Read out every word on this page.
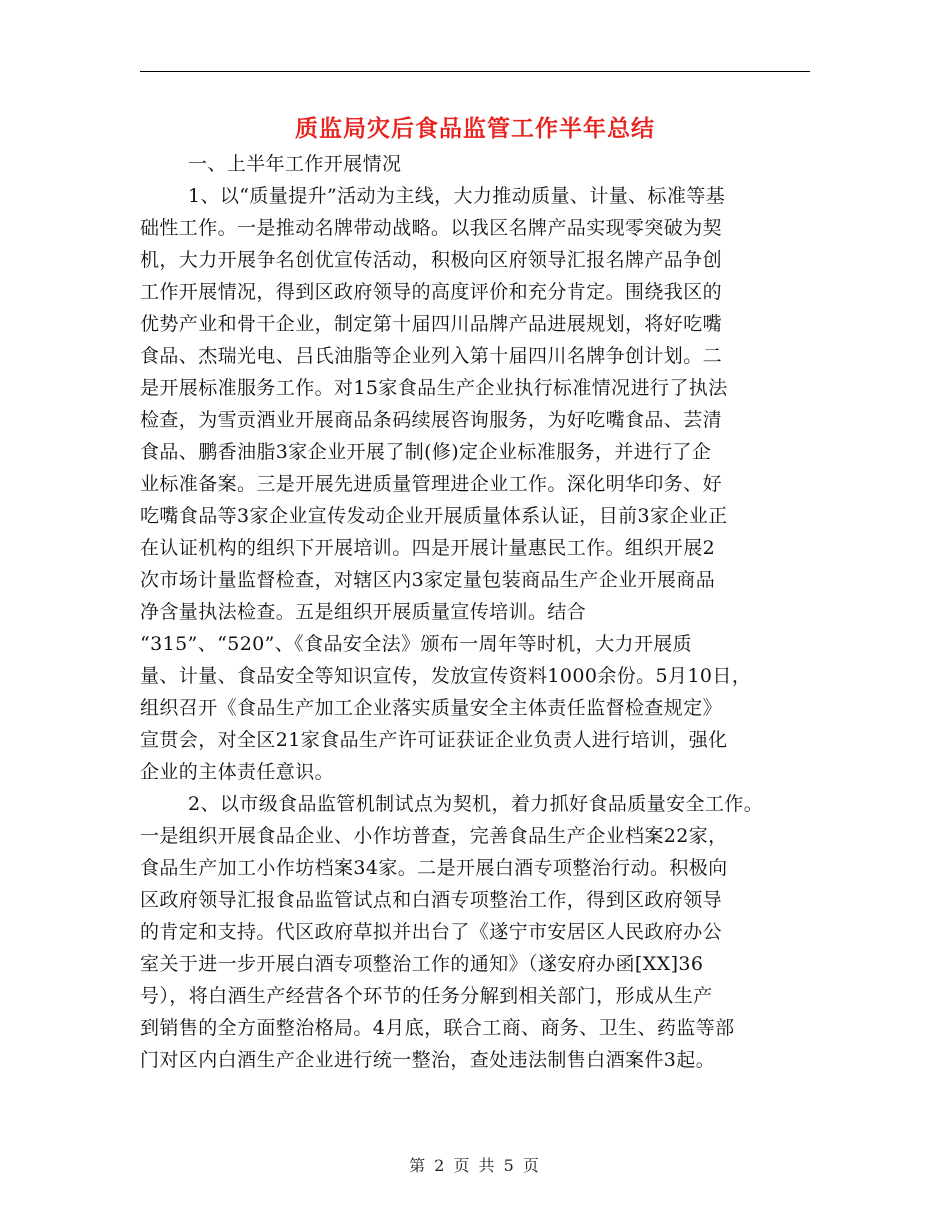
质监局灾后食品监管工作半年总结
一、上半年工作开展情况
1、以“质量提升”活动为主线，大力推动质量、计量、标准等基
础性工作。一是推动名牌带动战略。以我区名牌产品实现零突破为契
机，大力开展争名创优宣传活动，积极向区府领导汇报名牌产品争创
工作开展情况，得到区政府领导的高度评价和充分肯定。围绕我区的
优势产业和骨干企业，制定第十届四川品牌产品进展规划，将好吃嘴
食品、杰瑞光电、吕氏油脂等企业列入第十届四川名牌争创计划。二
是开展标准服务工作。对15家食品生产企业执行标准情况进行了执法
检查，为雪贡酒业开展商品条码续展咨询服务，为好吃嘴食品、芸清
食品、鹏香油脂3家企业开展了制(修)定企业标准服务，并进行了企
业标准备案。三是开展先进质量管理进企业工作。深化明华印务、好
吃嘴食品等3家企业宣传发动企业开展质量体系认证，目前3家企业正
在认证机构的组织下开展培训。四是开展计量惠民工作。组织开展2
次市场计量监督检查，对辖区内3家定量包装商品生产企业开展商品
净含量执法检查。五是组织开展质量宣传培训。结合
“315”、“520”、《食品安全法》颁布一周年等时机，大力开展质
量、计量、食品安全等知识宣传，发放宣传资料1000余份。5月10日，
组织召开《食品生产加工企业落实质量安全主体责任监督检查规定》
宣贯会，对全区21家食品生产许可证获证企业负责人进行培训，强化
企业的主体责任意识。
2、以市级食品监管机制试点为契机，着力抓好食品质量安全工作。
一是组织开展食品企业、小作坊普查，完善食品生产企业档案22家，
食品生产加工小作坊档案34家。二是开展白酒专项整治行动。积极向
区政府领导汇报食品监管试点和白酒专项整治工作，得到区政府领导
的肯定和支持。代区政府草拟并出台了《遂宁市安居区人民政府办公
室关于进一步开展白酒专项整治工作的通知》（遂安府办函[XX]36
号），将白酒生产经营各个环节的任务分解到相关部门，形成从生产
到销售的全方面整治格局。4月底，联合工商、商务、卫生、药监等部
门对区内白酒生产企业进行统一整治，查处违法制售白酒案件3起。
第 2 页 共 5 页
